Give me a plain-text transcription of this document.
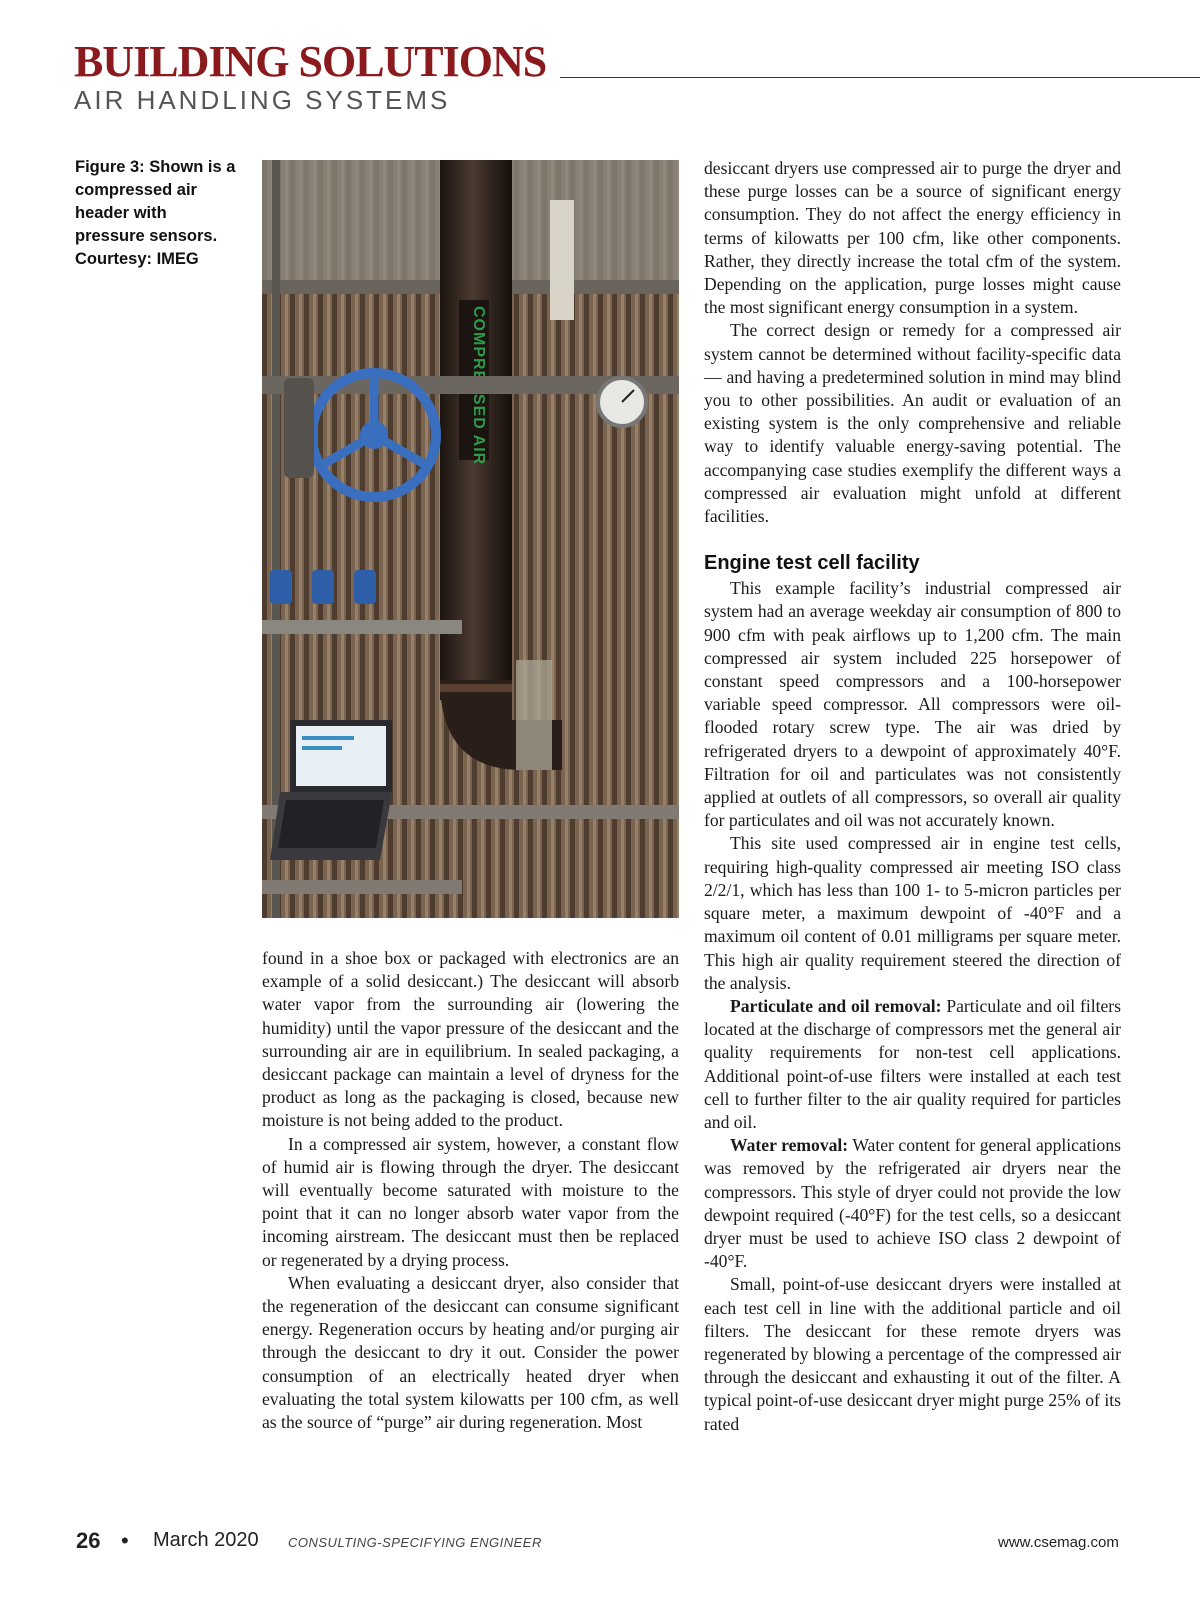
BUILDING SOLUTIONS
AIR HANDLING SYSTEMS
Figure 3: Shown is a compressed air header with pressure sensors. Courtesy: IMEG

found in a shoe box or packaged with electronics are an example of a solid desiccant.) The desiccant will absorb water vapor from the surrounding air (lowering the humidity) until the vapor pressure of the desiccant and the surrounding air are in equilibrium. In sealed packaging, a desiccant package can maintain a level of dryness for the product as long as the packaging is closed, because new moisture is not being added to the product.

In a compressed air system, however, a constant flow of humid air is flowing through the dryer. The desiccant will eventually become saturated with moisture to the point that it can no longer absorb water vapor from the incoming airstream. The desiccant must then be replaced or regenerated by a drying process.

When evaluating a desiccant dryer, also consider that the regeneration of the desiccant can consume significant energy. Regeneration occurs by heating and/or purging air through the desiccant to dry it out. Consider the power consumption of an electrically heated dryer when evaluating the total system kilowatts per 100 cfm, as well as the source of “purge” air during regeneration. Most

desiccant dryers use compressed air to purge the dryer and these purge losses can be a source of significant energy consumption. They do not affect the energy efficiency in terms of kilowatts per 100 cfm, like other components. Rather, they directly increase the total cfm of the system. Depending on the application, purge losses might cause the most significant energy consumption in a system.

The correct design or remedy for a compressed air system cannot be determined without facility-specific data — and having a predetermined solution in mind may blind you to other possibilities. An audit or evaluation of an existing system is the only comprehensive and reliable way to identify valuable energy-saving potential. The accompanying case studies exemplify the different ways a compressed air evaluation might unfold at different facilities.

Engine test cell facility

This example facility’s industrial compressed air system had an average weekday air consumption of 800 to 900 cfm with peak airflows up to 1,200 cfm. The main compressed air system included 225 horsepower of constant speed compressors and a 100-horsepower variable speed compressor. All compressors were oil-flooded rotary screw type. The air was dried by refrigerated dryers to a dewpoint of approximately 40°F. Filtration for oil and particulates was not consistently applied at outlets of all compressors, so overall air quality for particulates and oil was not accurately known.

This site used compressed air in engine test cells, requiring high-quality compressed air meeting ISO class 2/2/1, which has less than 100 1- to 5-micron particles per square meter, a maximum dewpoint of -40°F and a maximum oil content of 0.01 milligrams per square meter. This high air quality requirement steered the direction of the analysis.

Particulate and oil removal: Particulate and oil filters located at the discharge of compressors met the general air quality requirements for non-test cell applications. Additional point-of-use filters were installed at each test cell to further filter to the air quality required for particles and oil.

Water removal: Water content for general applications was removed by the refrigerated air dryers near the compressors. This style of dryer could not provide the low dewpoint required (-40°F) for the test cells, so a desiccant dryer must be used to achieve ISO class 2 dewpoint of -40°F.

Small, point-of-use desiccant dryers were installed at each test cell in line with the additional particle and oil filters. The desiccant for these remote dryers was regenerated by blowing a percentage of the compressed air through the desiccant and exhausting it out of the filter. A typical point-of-use desiccant dryer might purge 25% of its rated

26 • March 2020 CONSULTING-SPECIFYING ENGINEER	www.csemag.com
